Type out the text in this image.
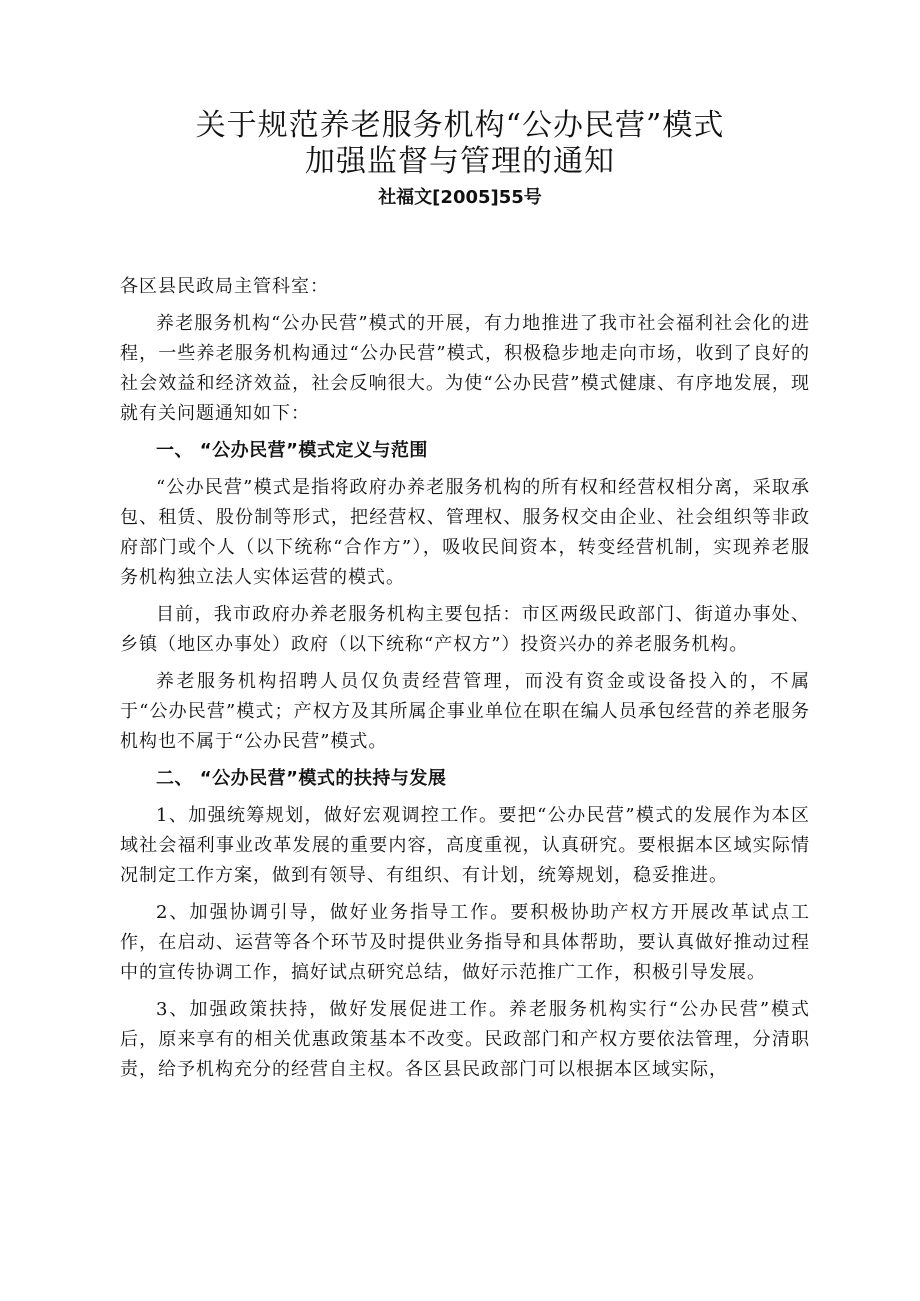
关于规范养老服务机构“公办民营”模式
加强监督与管理的通知
社福文[2005]55号

各区县民政局主管科室：

养老服务机构“公办民营”模式的开展，有力地推进了我市社会福利社会化的进程，一些养老服务机构通过“公办民营”模式，积极稳步地走向市场，收到了良好的社会效益和经济效益，社会反响很大。为使“公办民营”模式健康、有序地发展，现就有关问题通知如下：

一、 “公办民营”模式定义与范围

“公办民营”模式是指将政府办养老服务机构的所有权和经营权相分离，采取承包、租赁、股份制等形式，把经营权、管理权、服务权交由企业、社会组织等非政府部门或个人（以下统称“合作方”），吸收民间资本，转变经营机制，实现养老服务机构独立法人实体运营的模式。

目前，我市政府办养老服务机构主要包括：市区两级民政部门、街道办事处、乡镇（地区办事处）政府（以下统称“产权方”）投资兴办的养老服务机构。

养老服务机构招聘人员仅负责经营管理，而没有资金或设备投入的，不属于“公办民营”模式；产权方及其所属企事业单位在职在编人员承包经营的养老服务机构也不属于“公办民营”模式。

二、 “公办民营”模式的扶持与发展

1、加强统筹规划，做好宏观调控工作。要把“公办民营”模式的发展作为本区域社会福利事业改革发展的重要内容，高度重视，认真研究。要根据本区域实际情况制定工作方案，做到有领导、有组织、有计划，统筹规划，稳妥推进。

2、加强协调引导，做好业务指导工作。要积极协助产权方开展改革试点工作，在启动、运营等各个环节及时提供业务指导和具体帮助，要认真做好推动过程中的宣传协调工作，搞好试点研究总结，做好示范推广工作，积极引导发展。

3、加强政策扶持，做好发展促进工作。养老服务机构实行“公办民营”模式后，原来享有的相关优惠政策基本不改变。民政部门和产权方要依法管理，分清职责，给予机构充分的经营自主权。各区县民政部门可以根据本区域实际，
